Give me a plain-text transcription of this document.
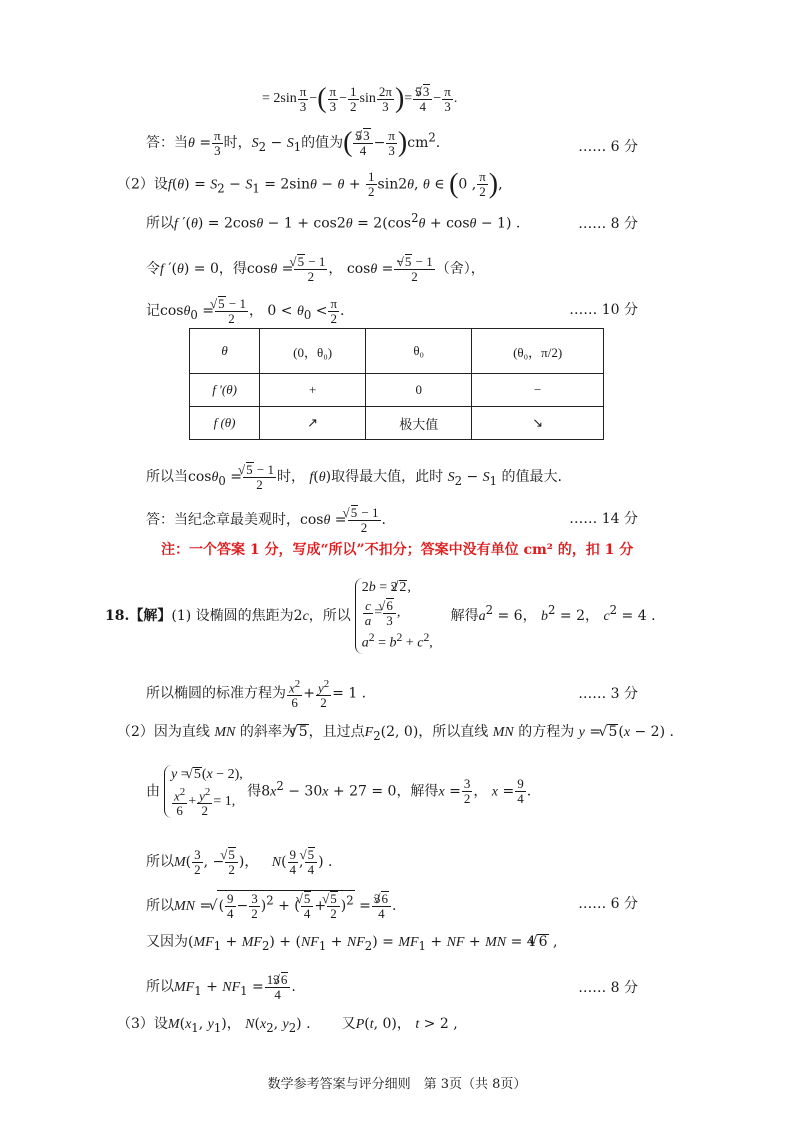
= $2\sin \frac{\pi}{3}$ −( $\frac{\pi}{3} - \frac{1}{2}$ $\sin \frac{2\pi}{3}$ )= $\frac{5√ 3}{4} - \frac{\pi}{3}$ .
答：当$\theta = \frac{\pi}{3}$ 时，$S_2 - S_1$的值为( $\frac{5√ 3}{4} - \frac{\pi}{3} )cm^2$.	…… 6 分
（2）设$f(\theta) = S_2 - S_1 = 2\sin\theta - \theta + \frac{1}{2} \sin 2\theta$, θ ∈ (0 , $\frac{\pi}{2}$ ),
所以f $'(\theta) = 2\cos\theta - 1 + \cos 2\theta = 2(\cos^2\theta + \cos\theta - 1)$ .	…… 8 分
令f ′(θ) = 0，得cosθ = √ $\frac{5 - 1}{2}$ ， $\cos\theta = \frac{-√ 5 - 1}{2}$ （舍），
记cosθ$_0$ = √ $\frac{5 - 1}{2}$ ， $0 < \theta_0 < \frac{\pi}{2}$ .	…… 10 分
θ	(0，θ₀)	θ₀	(θ₀，π/2)
f ′(θ)	+	0	−
f (θ)	↗	极大值	↘
所以当cosθ$_0$ = √ $\frac{5 - 1}{2}$ 时， f(θ)取得最大值，此时 $S_2 - S_1$ 的值最大.
答：当纪念章最美观时，cosθ = √ $\frac{5 - 1}{2}$ .	…… 14 分
注：一个答案 1 分，写成“所以”不扣分；答案中没有单位 cm² 的，扣 1 分
18.【解】(1) 设椭圆的焦距为2c，所以
2b = 2 √ 2,
$\frac{c}{a}$ = √ $\frac{6}{3}$ ,
$a^2 = b^2 + c^2$,
解得$a^2 = 6$， $b^2 = 2$， $c^2 = 4$ .
所以椭圆的标准方程为 $\frac{x^2}{6} + \frac{y^2}{2} = 1$ .	…… 3 分
（2）因为直线 MN 的斜率为 √ 5，且过点$F_2(2$, 0)，所以直线 MN 的方程为 y = √ 5(x − 2) .
由
y = √ 5(x − 2),
$\frac{x^2}{6} + \frac{y^2}{2} = 1$,
得$8x^2 - 30x + 27 = 0$，解得$x = \frac{3}{2}$ ， $x = \frac{9}{4}$ .
所以$M( \frac{3}{2}$ , − √ $\frac{5}{2}$ )，   $N( \frac{9}{4}$ , √ $\frac{5}{4}$ ) .
所以MN = √ ( $\frac{9}{4} - \frac{3}{2} )^2$ + ( √ $\frac{5}{4}$ + √ $\frac{5}{2} )^2 = \frac{3√ 6}{4}$ .	…… 6 分
又因为$(MF_1 + MF_2) + (NF_1 + NF_2) = MF_1$ + NF + MN = 4 √ 6 ,
所以$MF_1 + NF_1 = \frac{13√ 6}{4}$ .	…… 8 分
（3）设$M(x_1$, $y_1$)， $N(x_2$, $y_2$) .       又P(t, 0)， t > 2 ,
数学参考答案与评分细则　第 3页（共 8页）
